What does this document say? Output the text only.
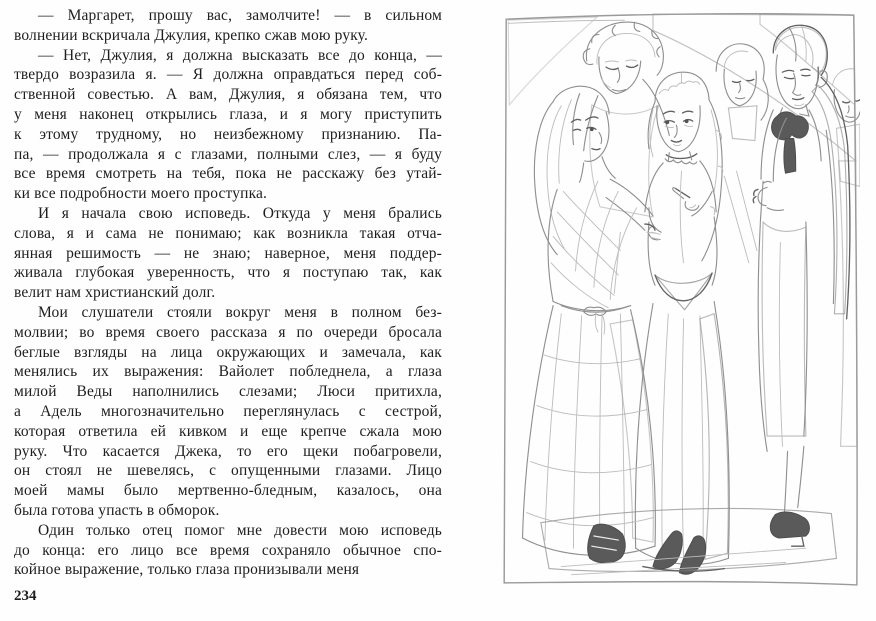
— Маргарет, прошу вас, замолчите! — в сильном
волнении вскричала Джулия, крепко сжав мою руку.

— Нет, Джулия, я должна высказать все до конца, —
твердо возразила я. — Я должна оправдаться перед соб-
ственной совестью. А вам, Джулия, я обязана тем, что
у меня наконец открылись глаза, и я могу приступить
к этому трудному, но неизбежному признанию. Па-
па, — продолжала я с глазами, полными слез, — я буду
все время смотреть на тебя, пока не расскажу без утай-
ки все подробности моего проступка.

И я начала свою исповедь. Откуда у меня брались
слова, я и сама не понимаю; как возникла такая отча-
янная решимость — не знаю; наверное, меня поддер-
живала глубокая уверенность, что я поступаю так, как
велит нам христианский долг.

Мои слушатели стояли вокруг меня в полном без-
молвии; во время своего рассказа я по очереди бросала
беглые взгляды на лица окружающих и замечала, как
менялись их выражения: Вайолет побледнела, а глаза
милой Веды наполнились слезами; Люси притихла,
а Адель многозначительно переглянулась с сестрой,
которая ответила ей кивком и еще крепче сжала мою
руку. Что касается Джека, то его щеки побагровели,
он стоял не шевелясь, с опущенными глазами. Лицо
моей мамы было мертвенно-бледным, казалось, она
была готова упасть в обморок.

Один только отец помог мне довести мою исповедь
до конца: его лицо все время сохраняло обычное спо-
койное выражение, только глаза пронизывали меня

234
